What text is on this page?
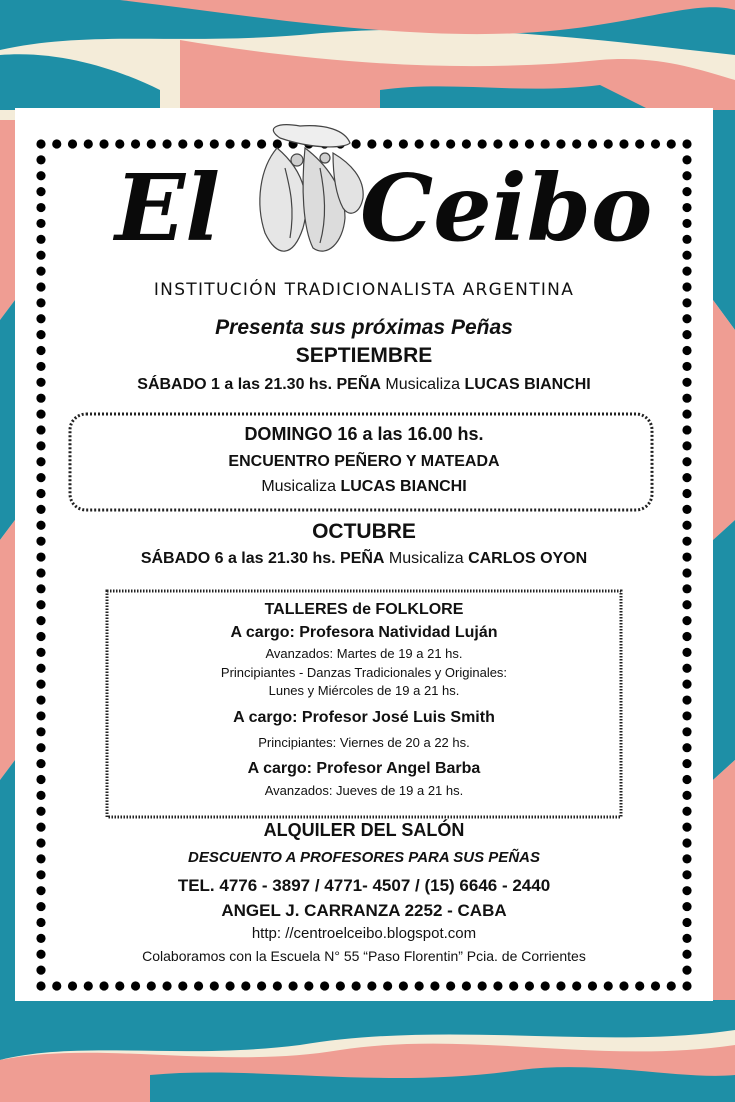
El Ceibo
INSTITUCIÓN TRADICIONALISTA ARGENTINA
Presenta sus próximas Peñas
SEPTIEMBRE
SÁBADO 1 a las 21.30 hs. PEÑA Musicaliza LUCAS BIANCHI
DOMINGO 16 a las 16.00 hs.
ENCUENTRO PEÑERO Y MATEADA
Musicaliza LUCAS BIANCHI
OCTUBRE
SÁBADO 6 a las 21.30 hs. PEÑA Musicaliza CARLOS OYON
TALLERES de FOLKLORE
A cargo: Profesora Natividad Luján
Avanzados: Martes de 19 a 21 hs.
Principiantes - Danzas Tradicionales y Originales:
Lunes y Miércoles de 19 a 21 hs.
A cargo: Profesor José Luis Smith
Principiantes: Viernes de 20 a 22 hs.
A cargo: Profesor Angel Barba
Avanzados: Jueves de 19 a 21 hs.
ALQUILER DEL SALÓN
DESCUENTO A PROFESORES PARA SUS PEÑAS
TEL. 4776 - 3897 / 4771- 4507 / (15) 6646 - 2440
ANGEL J. CARRANZA 2252 - CABA
http: //centroelceibo.blogspot.com
Colaboramos con la Escuela N° 55 “Paso Florentin” Pcia. de Corrientes
